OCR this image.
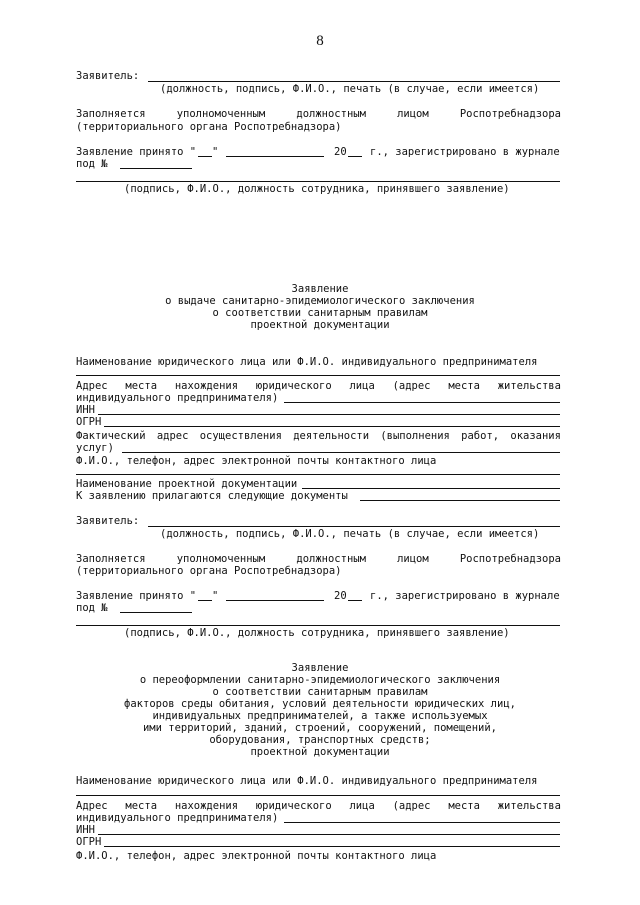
8
Заявитель:
(должность, подпись, Ф.И.О., печать (в случае, если имеется)
Заполняется	уполномоченным	должностным	лицом	Роспотребнадзора
(территориального органа Роспотребнадзора)
Заявление принято " "	20 г., зарегистрировано в журнале
под №
(подпись, Ф.И.О., должность сотрудника, принявшего заявление)
Заявление
о выдаче санитарно-эпидемиологического заключения
о соответствии санитарным правилам
проектной документации
Наименование юридического лица или Ф.И.О. индивидуального предпринимателя
Адрес места нахождения юридического лица (адрес места жительства
индивидуального предпринимателя)
ИНН
ОГРН
Фактический адрес осуществления деятельности (выполнения работ, оказания
услуг)
Ф.И.О., телефон, адрес электронной почты контактного лица
Наименование проектной документации
К заявлению прилагаются следующие документы
Заявитель:
(должность, подпись, Ф.И.О., печать (в случае, если имеется)
Заполняется	уполномоченным	должностным	лицом	Роспотребнадзора
(территориального органа Роспотребнадзора)
Заявление принято " "	20 г., зарегистрировано в журнале
под №
(подпись, Ф.И.О., должность сотрудника, принявшего заявление)
Заявление
о переоформлении санитарно-эпидемиологического заключения
о соответствии санитарным правилам
факторов среды обитания, условий деятельности юридических лиц,
индивидуальных предпринимателей, а также используемых
ими территорий, зданий, строений, сооружений, помещений,
оборудования, транспортных средств;
проектной документации
Наименование юридического лица или Ф.И.О. индивидуального предпринимателя
Адрес места нахождения юридического лица (адрес места жительства
индивидуального предпринимателя)
ИНН
ОГРН
Ф.И.О., телефон, адрес электронной почты контактного лица
